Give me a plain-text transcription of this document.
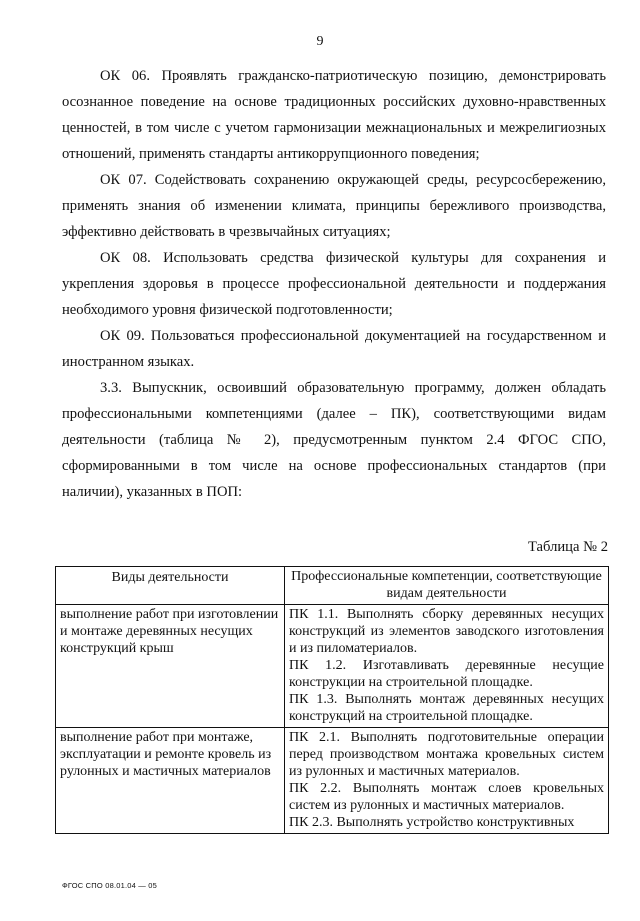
9

ОК 06. Проявлять гражданско-патриотическую позицию, демонстрировать осознанное поведение на основе традиционных российских духовно-нравственных ценностей, в том числе с учетом гармонизации межнациональных и межрелигиозных отношений, применять стандарты антикоррупционного поведения;

ОК 07. Содействовать сохранению окружающей среды, ресурсосбережению, применять знания об изменении климата, принципы бережливого производства, эффективно действовать в чрезвычайных ситуациях;

ОК 08. Использовать средства физической культуры для сохранения и укрепления здоровья в процессе профессиональной деятельности и поддержания необходимого уровня физической подготовленности;

ОК 09. Пользоваться профессиональной документацией на государственном и иностранном языках.

3.3. Выпускник, освоивший образовательную программу, должен обладать профессиональными компетенциями (далее – ПК), соответствующими видам деятельности (таблица № 2), предусмотренным пунктом 2.4 ФГОС СПО, сформированными в том числе на основе профессиональных стандартов (при наличии), указанных в ПОП:

Таблица № 2
Виды деятельности	Профессиональные компетенции, соответствующие видам деятельности
выполнение работ при изготовлении и монтаже деревянных несущих конструкций крыш	ПК 1.1. Выполнять сборку деревянных несущих конструкций из элементов заводского изготовления и из пиломатериалов.
ПК 1.2. Изготавливать деревянные несущие конструкции на строительной площадке.
ПК 1.3. Выполнять монтаж деревянных несущих конструкций на строительной площадке.

выполнение работ при монтаже, эксплуатации и ремонте кровель из рулонных и мастичных материалов	ПК 2.1. Выполнять подготовительные операции перед производством монтажа кровельных систем из рулонных и мастичных материалов.
ПК 2.2. Выполнять монтаж слоев кровельных систем из рулонных и мастичных материалов.
ПК 2.3. Выполнять устройство конструктивных
ФГОС СПО 08.01.04 — 05
